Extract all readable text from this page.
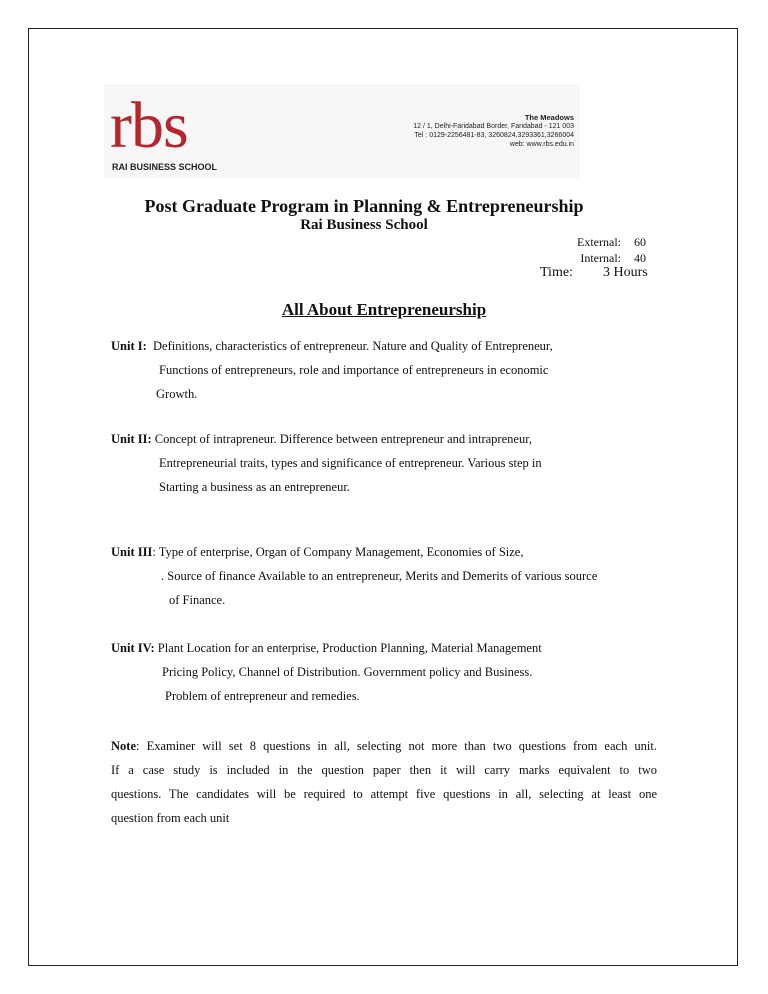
rbs
RAI BUSINESS SCHOOL
The Meadows
12 / 1, Delhi-Faridabad Border, Faridabad - 121 003
Tel : 0129-2256481-83, 3260824,3293361,3266004
web: www.rbs.edu.in
Post Graduate Program in Planning & Entrepreneurship
Rai Business School
External: 60
Internal: 40
Time: 3 Hours
All About Entrepreneurship
Unit I: Definitions, characteristics of entrepreneur. Nature and Quality of Entrepreneur,
Functions of entrepreneurs, role and importance of entrepreneurs in economic
Growth.
Unit II: Concept of intrapreneur. Difference between entrepreneur and intrapreneur,
Entrepreneurial traits, types and significance of entrepreneur. Various step in
Starting a business as an entrepreneur.
Unit III: Type of enterprise, Organ of Company Management, Economies of Size,
. Source of finance Available to an entrepreneur, Merits and Demerits of various source
of Finance.
Unit IV: Plant Location for an enterprise, Production Planning, Material Management
Pricing Policy, Channel of Distribution. Government policy and Business.
Problem of entrepreneur and remedies.
Note: Examiner will set 8 questions in all, selecting not more than two questions from each unit.
If a case study is included in the question paper then it will carry marks equivalent to two
questions. The candidates will be required to attempt five questions in all, selecting at least one
question from each unit
